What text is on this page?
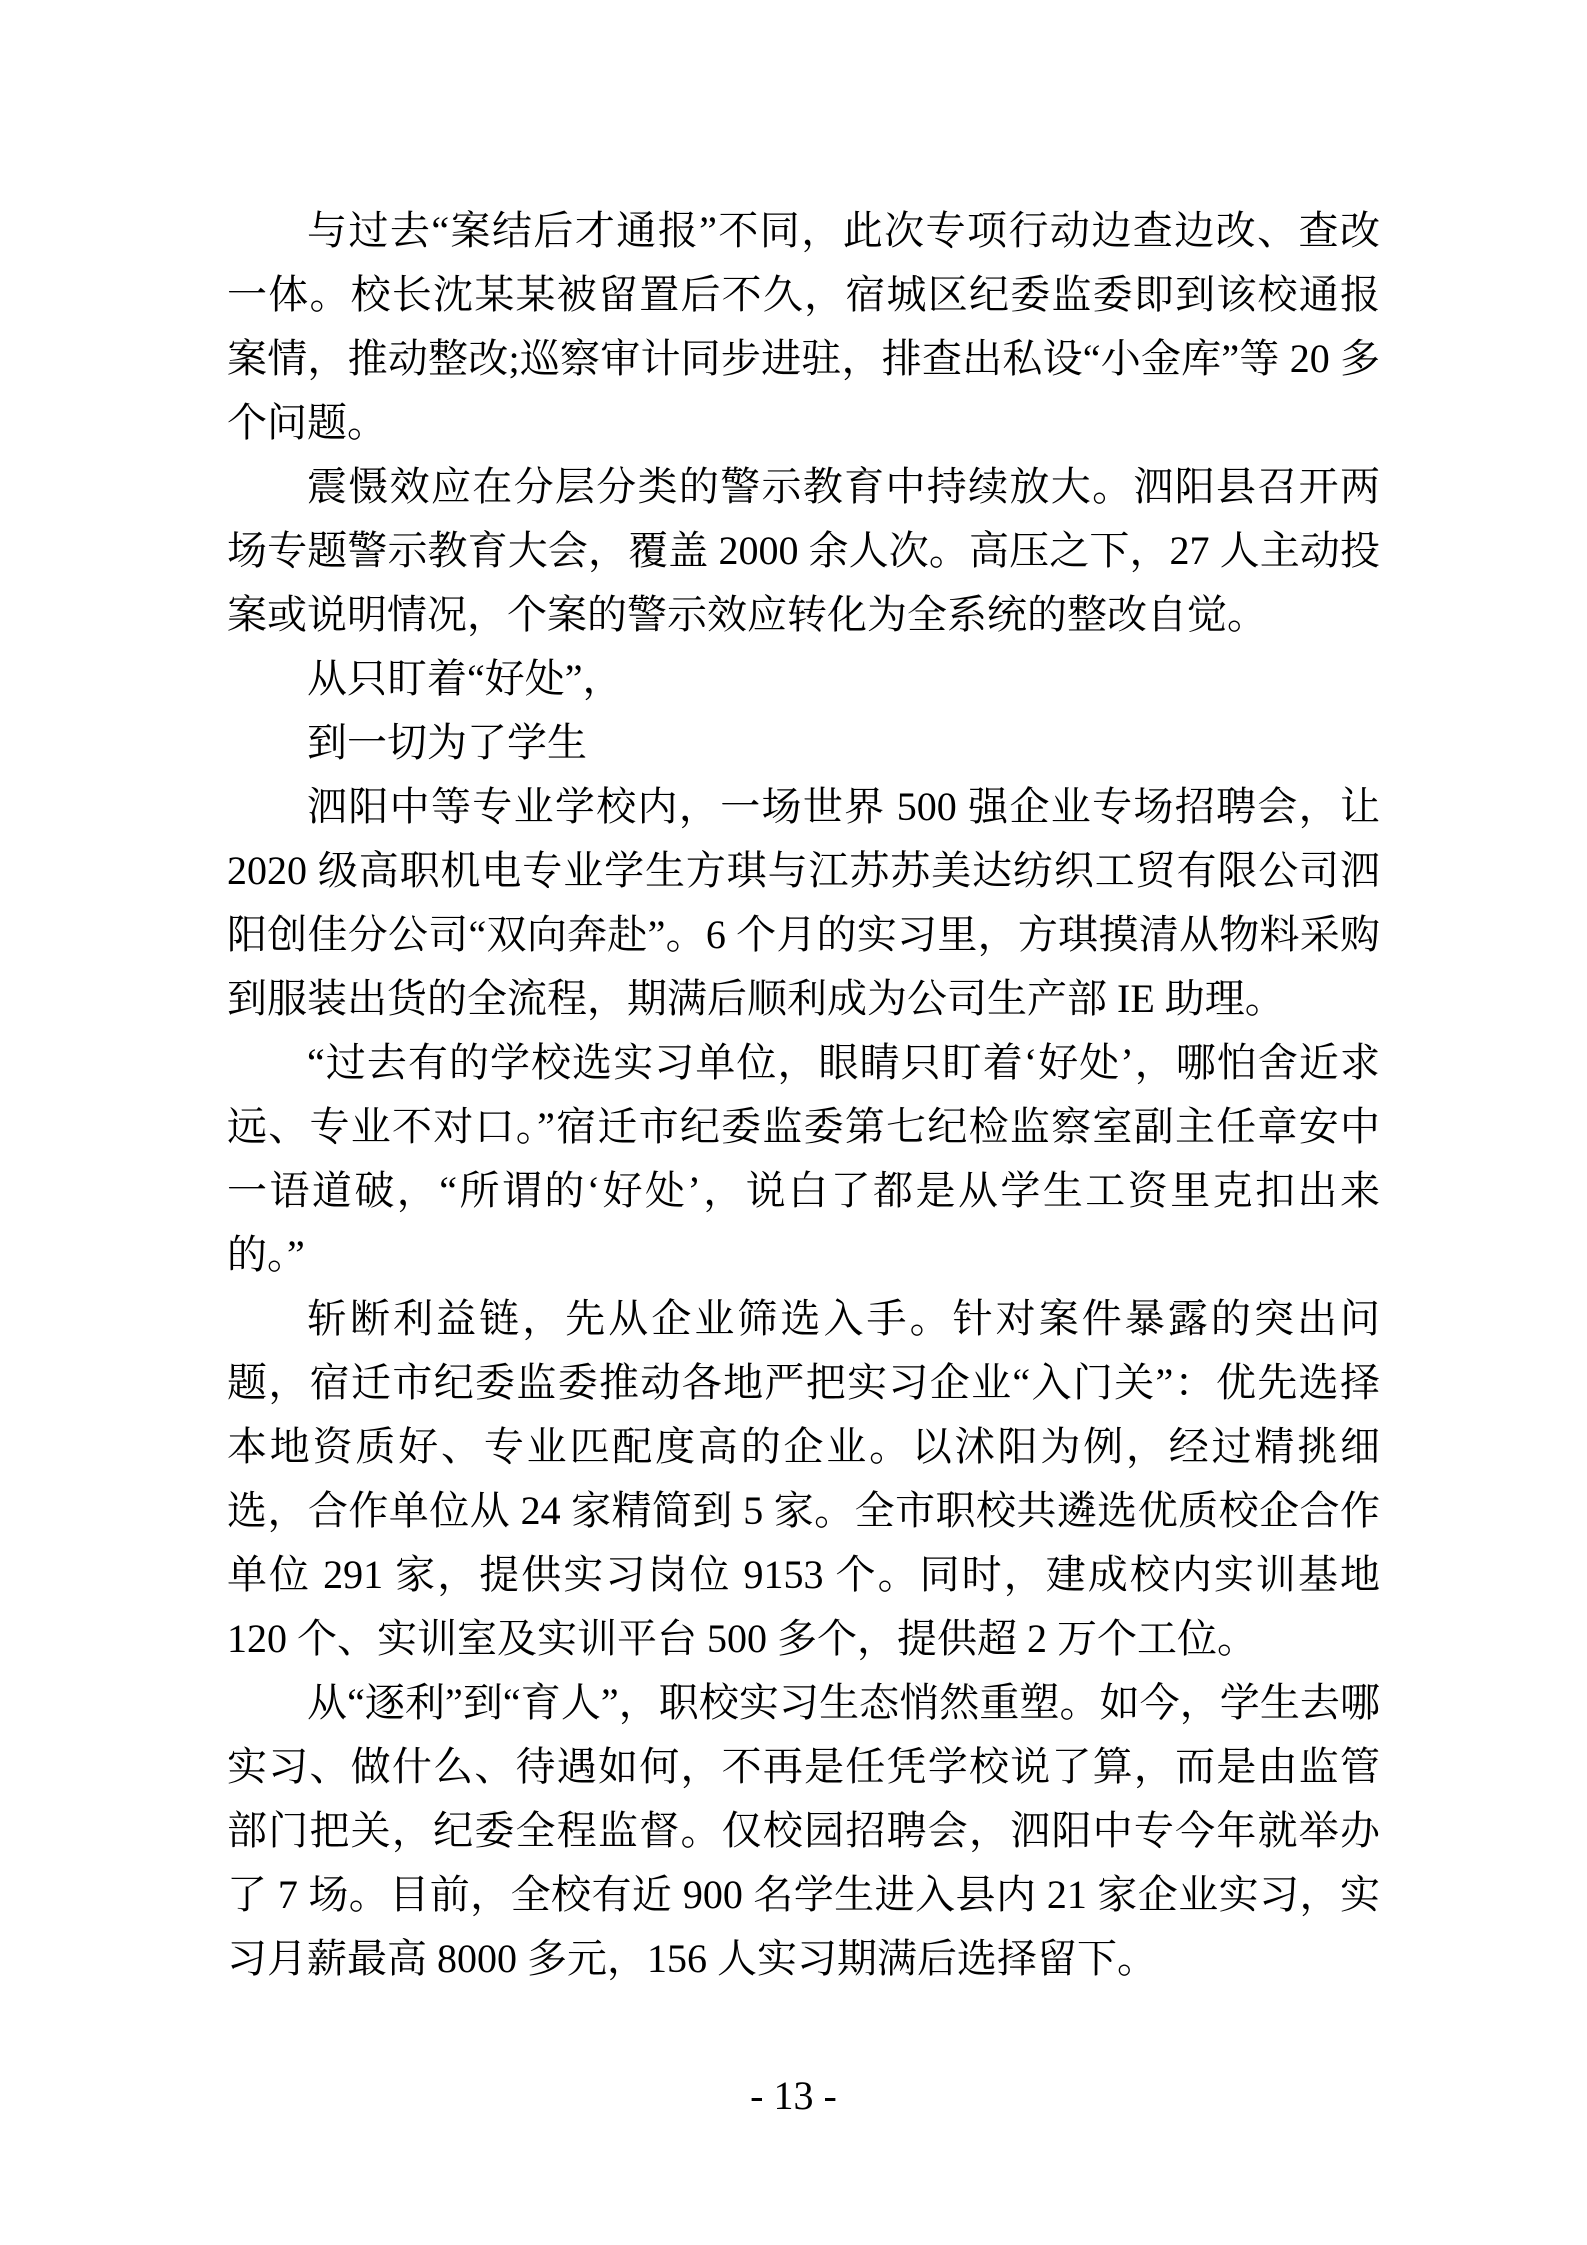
与过去“案结后才通报”不同，此次专项行动边查边改、查改一体。校长沈某某被留置后不久，宿城区纪委监委即到该校通报案情，推动整改;巡察审计同步进驻，排查出私设“小金库”等 20 多个问题。

震慑效应在分层分类的警示教育中持续放大。泗阳县召开两场专题警示教育大会，覆盖 2000 余人次。高压之下，27 人主动投案或说明情况，个案的警示效应转化为全系统的整改自觉。

从只盯着“好处”，

到一切为了学生

泗阳中等专业学校内，一场世界 500 强企业专场招聘会，让 2020 级高职机电专业学生方琪与江苏苏美达纺织工贸有限公司泗阳创佳分公司“双向奔赴”。6 个月的实习里，方琪摸清从物料采购到服装出货的全流程，期满后顺利成为公司生产部 IE 助理。

“过去有的学校选实习单位，眼睛只盯着‘好处’，哪怕舍近求远、专业不对口。”宿迁市纪委监委第七纪检监察室副主任章安中一语道破，“所谓的‘好处’，说白了都是从学生工资里克扣出来的。”

斩断利益链，先从企业筛选入手。针对案件暴露的突出问题，宿迁市纪委监委推动各地严把实习企业“入门关”：优先选择本地资质好、专业匹配度高的企业。以沭阳为例，经过精挑细选，合作单位从 24 家精简到 5 家。全市职校共遴选优质校企合作单位 291 家，提供实习岗位 9153 个。同时，建成校内实训基地 120 个、实训室及实训平台 500 多个，提供超 2 万个工位。

从“逐利”到“育人”，职校实习生态悄然重塑。如今，学生去哪实习、做什么、待遇如何，不再是任凭学校说了算，而是由监管部门把关，纪委全程监督。仅校园招聘会，泗阳中专今年就举办了 7 场。目前，全校有近 900 名学生进入县内 21 家企业实习，实习月薪最高 8000 多元，156 人实习期满后选择留下。

- 13 -
